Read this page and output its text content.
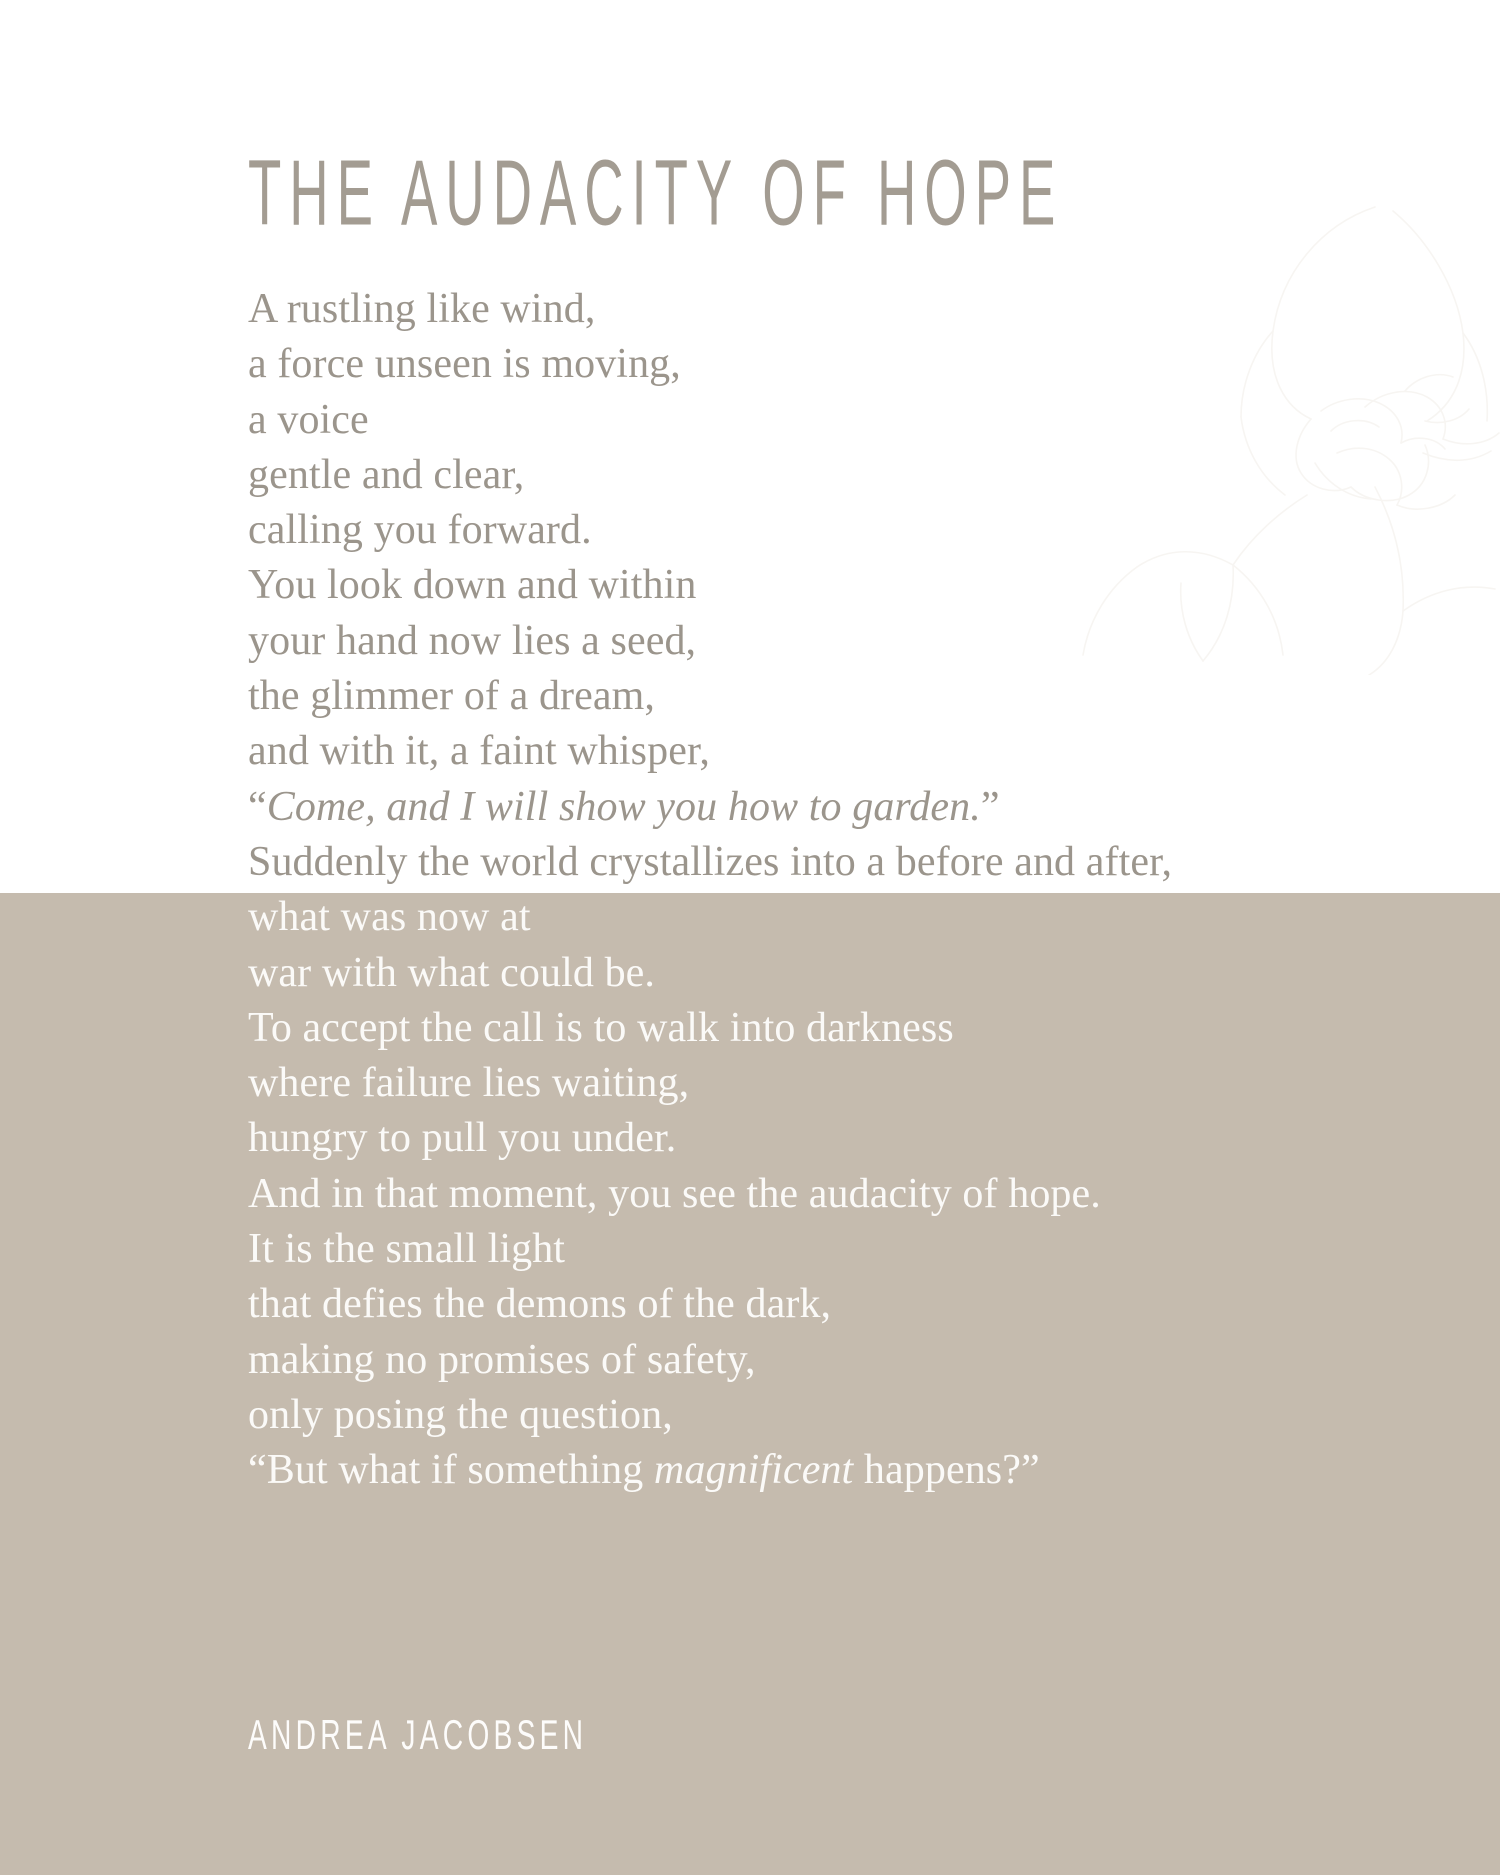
THE AUDACITY OF HOPE
A rustling like wind,
a force unseen is moving,
a voice
gentle and clear,
calling you forward.
You look down and within
your hand now lies a seed,
the glimmer of a dream,
and with it, a faint whisper,
“Come, and I will show you how to garden.”
Suddenly the world crystallizes into a before and after,
what was now at
war with what could be.
To accept the call is to walk into darkness
where failure lies waiting,
hungry to pull you under.
And in that moment, you see the audacity of hope.
It is the small light
that defies the demons of the dark,
making no promises of safety,
only posing the question,
“But what if something magnificent happens?”
ANDREA JACOBSEN
